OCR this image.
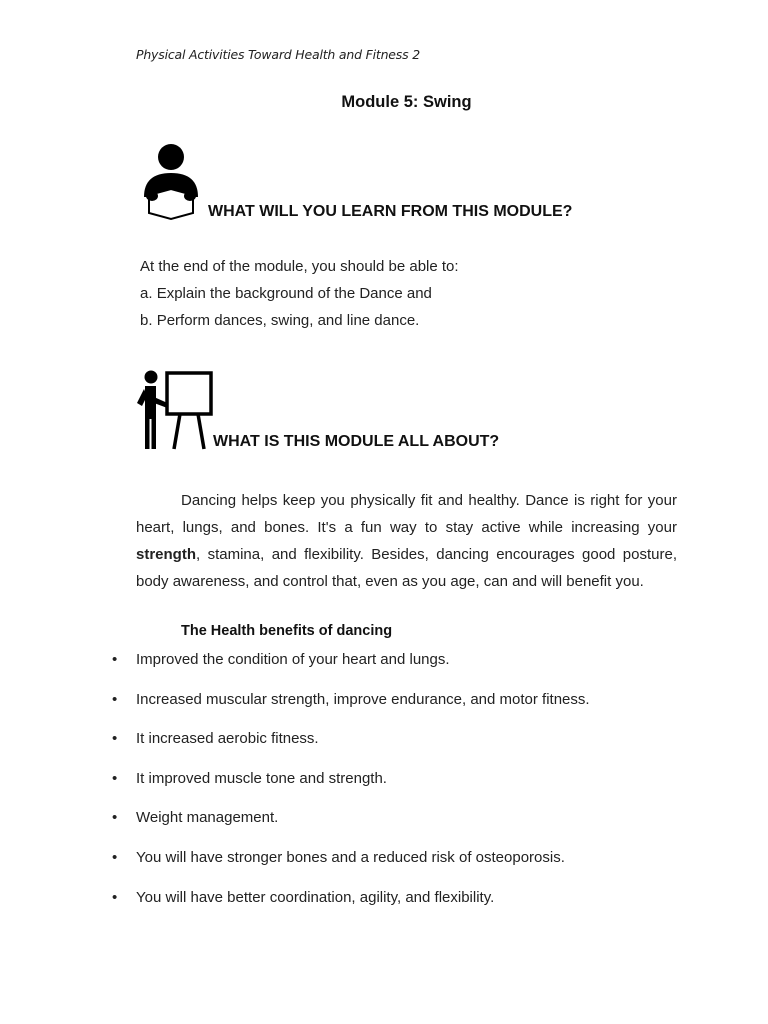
Physical Activities Toward Health and Fitness 2
Module 5: Swing
WHAT WILL YOU LEARN FROM THIS MODULE?
At the end of the module, you should be able to:
a. Explain the background of the Dance and
b. Perform dances, swing, and line dance.
WHAT IS THIS MODULE ALL ABOUT?
Dancing helps keep you physically fit and healthy. Dance is right for your heart, lungs, and bones. It's a fun way to stay active while increasing your strength, stamina, and flexibility. Besides, dancing encourages good posture, body awareness, and control that, even as you age, can and will benefit you.
The Health benefits of dancing
• Improved the condition of your heart and lungs.
• Increased muscular strength, improve endurance, and motor fitness.
• It increased aerobic fitness.
• It improved muscle tone and strength.
• Weight management.
• You will have stronger bones and a reduced risk of osteoporosis.
• You will have better coordination, agility, and flexibility.
